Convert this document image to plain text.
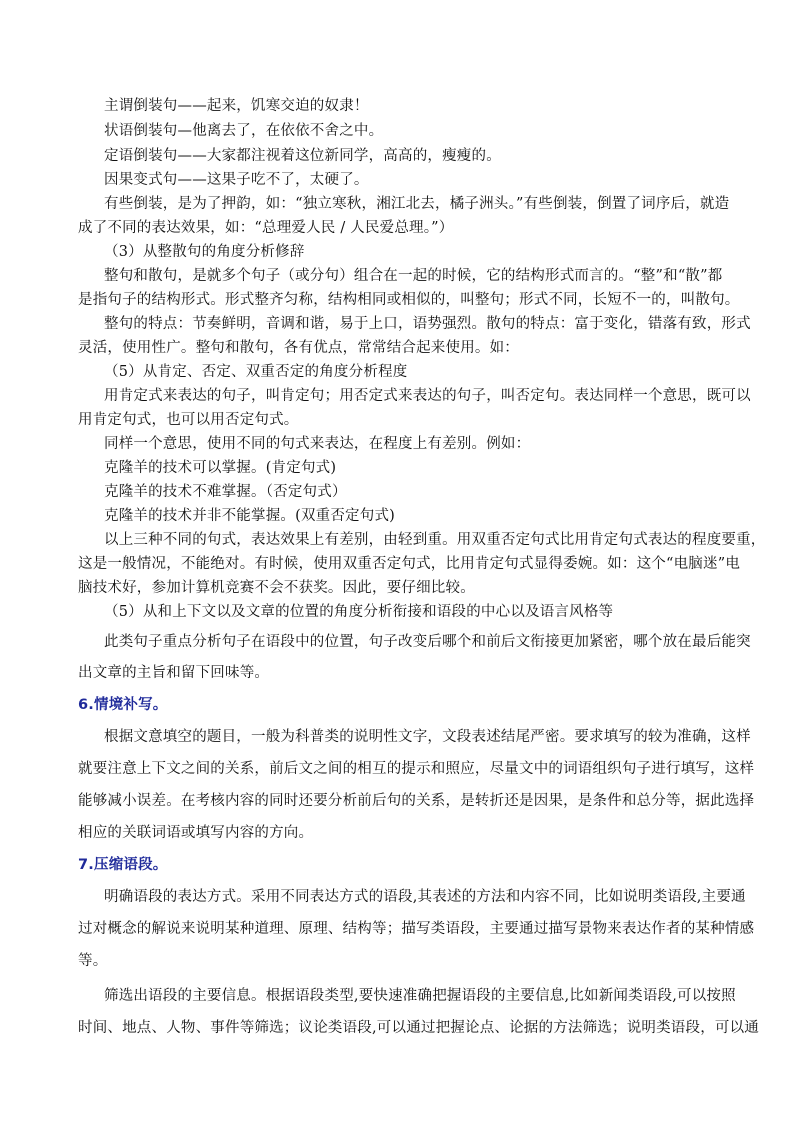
主谓倒装句——起来，饥寒交迫的奴隶！
状语倒装句—他离去了，在依依不舍之中。
定语倒装句——大家都注视着这位新同学，高高的，瘦瘦的。
因果变式句——这果子吃不了，太硬了。
有些倒装，是为了押韵，如：“独立寒秋，湘江北去，橘子洲头。”有些倒装，倒置了词序后，就造
成了不同的表达效果，如：“总理爱人民 / 人民爱总理。”）
（3）从整散句的角度分析修辞
整句和散句，是就多个句子（或分句）组合在一起的时候，它的结构形式而言的。“整”和“散”都
是指句子的结构形式。形式整齐匀称，结构相同或相似的，叫整句；形式不同，长短不一的，叫散句。
整句的特点：节奏鲜明，音调和谐，易于上口，语势强烈。散句的特点：富于变化，错落有致，形式
灵活，使用性广。整句和散句，各有优点，常常结合起来使用。如：
（5）从肯定、否定、双重否定的角度分析程度
用肯定式来表达的句子，叫肯定句；用否定式来表达的句子，叫否定句。表达同样一个意思，既可以
用肯定句式，也可以用否定句式。
同样一个意思，使用不同的句式来表达，在程度上有差别。例如：
克隆羊的技术可以掌握。(肯定句式)
克隆羊的技术不难掌握。（否定句式）
克隆羊的技术并非不能掌握。(双重否定句式)
以上三种不同的句式，表达效果上有差别，由轻到重。用双重否定句式比用肯定句式表达的程度要重，
这是一般情况，不能绝对。有时候，使用双重否定句式，比用肯定句式显得委婉。如：这个“电脑迷”电
脑技术好，参加计算机竞赛不会不获奖。因此，要仔细比较。
（5）从和上下文以及文章的位置的角度分析衔接和语段的中心以及语言风格等
此类句子重点分析句子在语段中的位置，句子改变后哪个和前后文衔接更加紧密，哪个放在最后能突
出文章的主旨和留下回味等。
6.情境补写。
根据文意填空的题目，一般为科普类的说明性文字，文段表述结尾严密。要求填写的较为准确，这样
就要注意上下文之间的关系，前后文之间的相互的提示和照应，尽量文中的词语组织句子进行填写，这样
能够减小误差。在考核内容的同时还要分析前后句的关系，是转折还是因果，是条件和总分等，据此选择
相应的关联词语或填写内容的方向。
7.压缩语段。
明确语段的表达方式。采用不同表达方式的语段,其表述的方法和内容不同，比如说明类语段,主要通
过对概念的解说来说明某种道理、原理、结构等；描写类语段，主要通过描写景物来表达作者的某种情感
等。
筛选出语段的主要信息。根据语段类型,要快速准确把握语段的主要信息,比如新闻类语段,可以按照
时间、地点、人物、事件等筛选；议论类语段,可以通过把握论点、论据的方法筛选；说明类语段，可以通
